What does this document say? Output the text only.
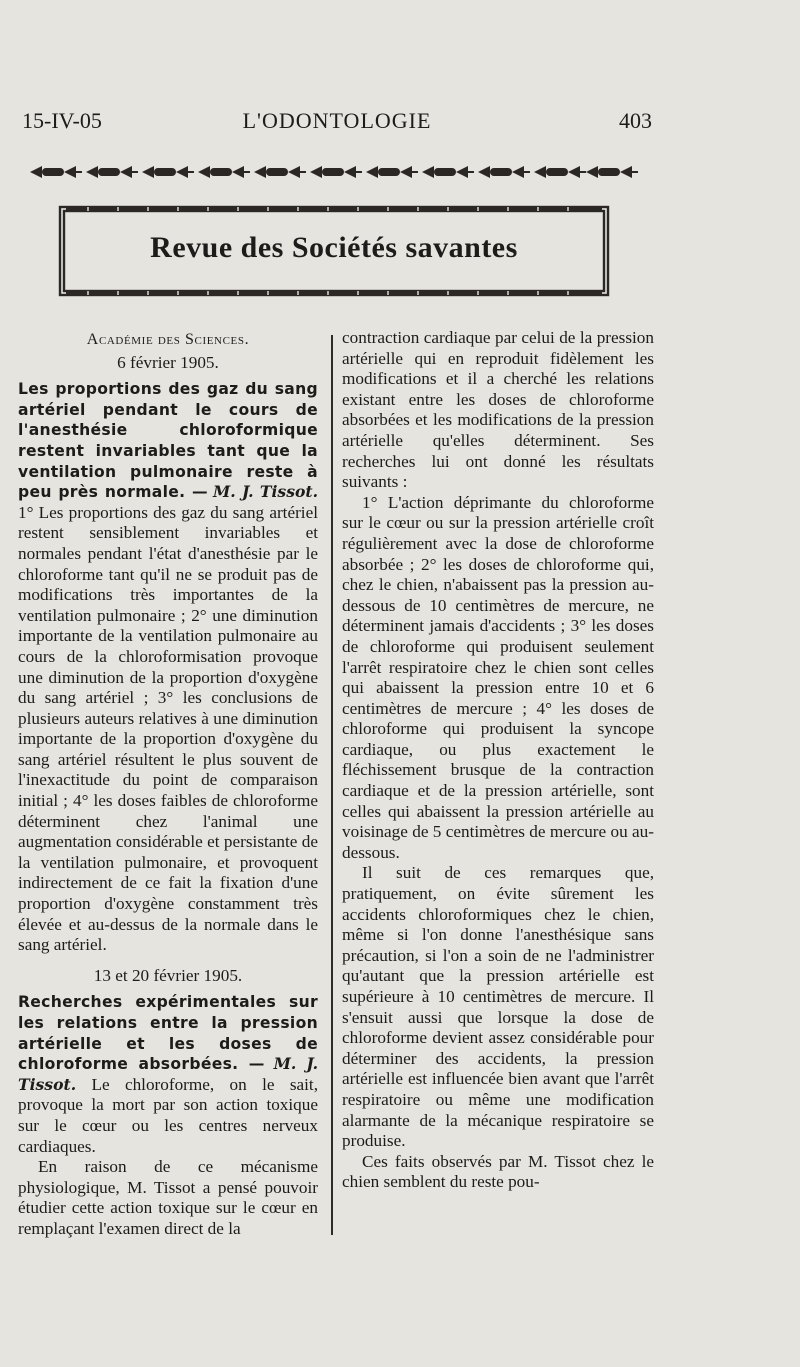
15-IV-05	L'ODONTOLOGIE	403
Revue des Sociétés savantes

Académie des Sciences.

6 février 1905.

Les proportions des gaz du sang artériel pendant le cours de l'anesthésie chloroformique restent invariables tant que la ventilation pulmonaire reste à peu près normale. — M. J. Tissot. 1° Les proportions des gaz du sang artériel restent sensiblement invariables et normales pendant l'état d'anesthésie par le chloroforme tant qu'il ne se produit pas de modifications très importantes de la ventilation pulmonaire ; 2° une diminution importante de la ventilation pulmonaire au cours de la chloroformisation provoque une diminution de la proportion d'oxygène du sang artériel ; 3° les conclusions de plusieurs auteurs relatives à une diminution importante de la proportion d'oxygène du sang artériel résultent le plus souvent de l'inexactitude du point de comparaison initial ; 4° les doses faibles de chloroforme déterminent chez l'animal une augmentation considérable et persistante de la ventilation pulmonaire, et provoquent indirectement de ce fait la fixation d'une proportion d'oxygène constamment très élevée et au-dessus de la normale dans le sang artériel.

13 et 20 février 1905.

Recherches expérimentales sur les relations entre la pression artérielle et les doses de chloroforme absorbées. — M. J. Tissot. Le chloroforme, on le sait, provoque la mort par son action toxique sur le cœur ou les centres nerveux cardiaques.

En raison de ce mécanisme physiologique, M. Tissot a pensé pouvoir étudier cette action toxique sur le cœur en remplaçant l'examen direct de la

contraction cardiaque par celui de la pression artérielle qui en reproduit fidèlement les modifications et il a cherché les relations existant entre les doses de chloroforme absorbées et les modifications de la pression artérielle qu'elles déterminent. Ses recherches lui ont donné les résultats suivants :

1° L'action déprimante du chloroforme sur le cœur ou sur la pression artérielle croît régulièrement avec la dose de chloroforme absorbée ; 2° les doses de chloroforme qui, chez le chien, n'abaissent pas la pression au-dessous de 10 centimètres de mercure, ne déterminent jamais d'accidents ; 3° les doses de chloroforme qui produisent seulement l'arrêt respiratoire chez le chien sont celles qui abaissent la pression entre 10 et 6 centimètres de mercure ; 4° les doses de chloroforme qui produisent la syncope cardiaque, ou plus exactement le fléchissement brusque de la contraction cardiaque et de la pression artérielle, sont celles qui abaissent la pression artérielle au voisinage de 5 centimètres de mercure ou au-dessous.

Il suit de ces remarques que, pratiquement, on évite sûrement les accidents chloroformiques chez le chien, même si l'on donne l'anesthésique sans précaution, si l'on a soin de ne l'administrer qu'autant que la pression artérielle est supérieure à 10 centimètres de mercure. Il s'ensuit aussi que lorsque la dose de chloroforme devient assez considérable pour déterminer des accidents, la pression artérielle est influencée bien avant que l'arrêt respiratoire ou même une modification alarmante de la mécanique respiratoire se produise.

Ces faits observés par M. Tissot chez le chien semblent du reste pou-
